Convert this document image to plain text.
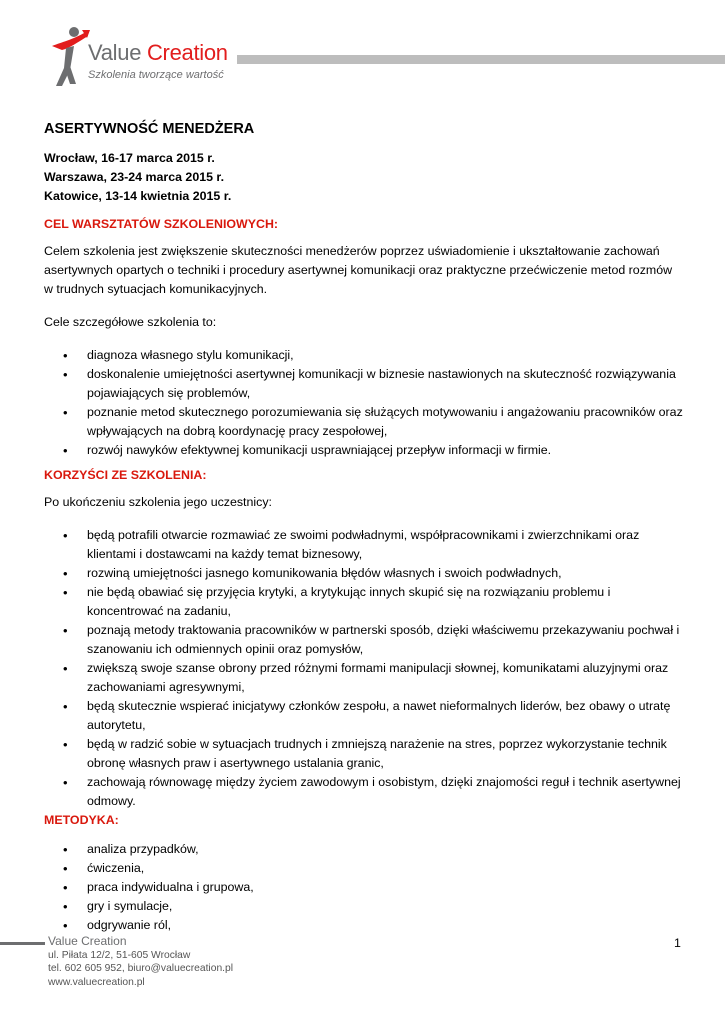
Value Creation
Szkolenia tworzące wartość
ASERTYWNOŚĆ MENEDŻERA
Wrocław, 16-17 marca 2015 r.
Warszawa, 23-24 marca 2015 r.
Katowice, 13-14 kwietnia 2015 r.
CEL WARSZTATÓW SZKOLENIOWYCH:

Celem szkolenia jest zwiększenie skuteczności menedżerów poprzez uświadomienie i ukształtowanie zachowań asertywnych opartych o techniki i procedury asertywnej komunikacji oraz praktyczne przećwiczenie metod rozmów w trudnych sytuacjach komunikacyjnych.

Cele szczegółowe szkolenia to:

• diagnoza własnego stylu komunikacji,
• doskonalenie umiejętności asertywnej komunikacji w biznesie nastawionych na skuteczność rozwiązywania pojawiających się problemów,
• poznanie metod skutecznego porozumiewania się służących motywowaniu i angażowaniu pracowników oraz wpływających na dobrą koordynację pracy zespołowej,
• rozwój nawyków efektywnej komunikacji usprawniającej przepływ informacji w firmie.
KORZYŚCI ZE SZKOLENIA:

Po ukończeniu szkolenia jego uczestnicy:

• będą potrafili otwarcie rozmawiać ze swoimi podwładnymi, współpracownikami i zwierzchnikami oraz klientami i dostawcami na każdy temat biznesowy,
• rozwiną umiejętności jasnego komunikowania błędów własnych i swoich podwładnych,
• nie będą obawiać się przyjęcia krytyki, a krytykując innych skupić się na rozwiązaniu problemu i koncentrować na zadaniu,
• poznają metody traktowania pracowników w partnerski sposób, dzięki właściwemu przekazywaniu pochwał i szanowaniu ich odmiennych opinii oraz pomysłów,
• zwiększą swoje szanse obrony przed różnymi formami manipulacji słownej, komunikatami aluzyjnymi oraz zachowaniami agresywnymi,
• będą skutecznie wspierać inicjatywy członków zespołu, a nawet nieformalnych liderów, bez obawy o utratę autorytetu,
• będą w radzić sobie w sytuacjach trudnych i zmniejszą narażenie na stres, poprzez wykorzystanie technik obronę własnych praw i asertywnego ustalania granic,
• zachowają równowagę między życiem zawodowym i osobistym, dzięki znajomości reguł i technik asertywnej odmowy.
METODYKA:
• analiza przypadków,
• ćwiczenia,
• praca indywidualna i grupowa,
• gry i symulacje,
• odgrywanie ról,
Value Creation
ul. Piłata 12/2, 51-605 Wrocław
tel. 602 605 952, biuro@valuecreation.pl
www.valuecreation.pl
1
